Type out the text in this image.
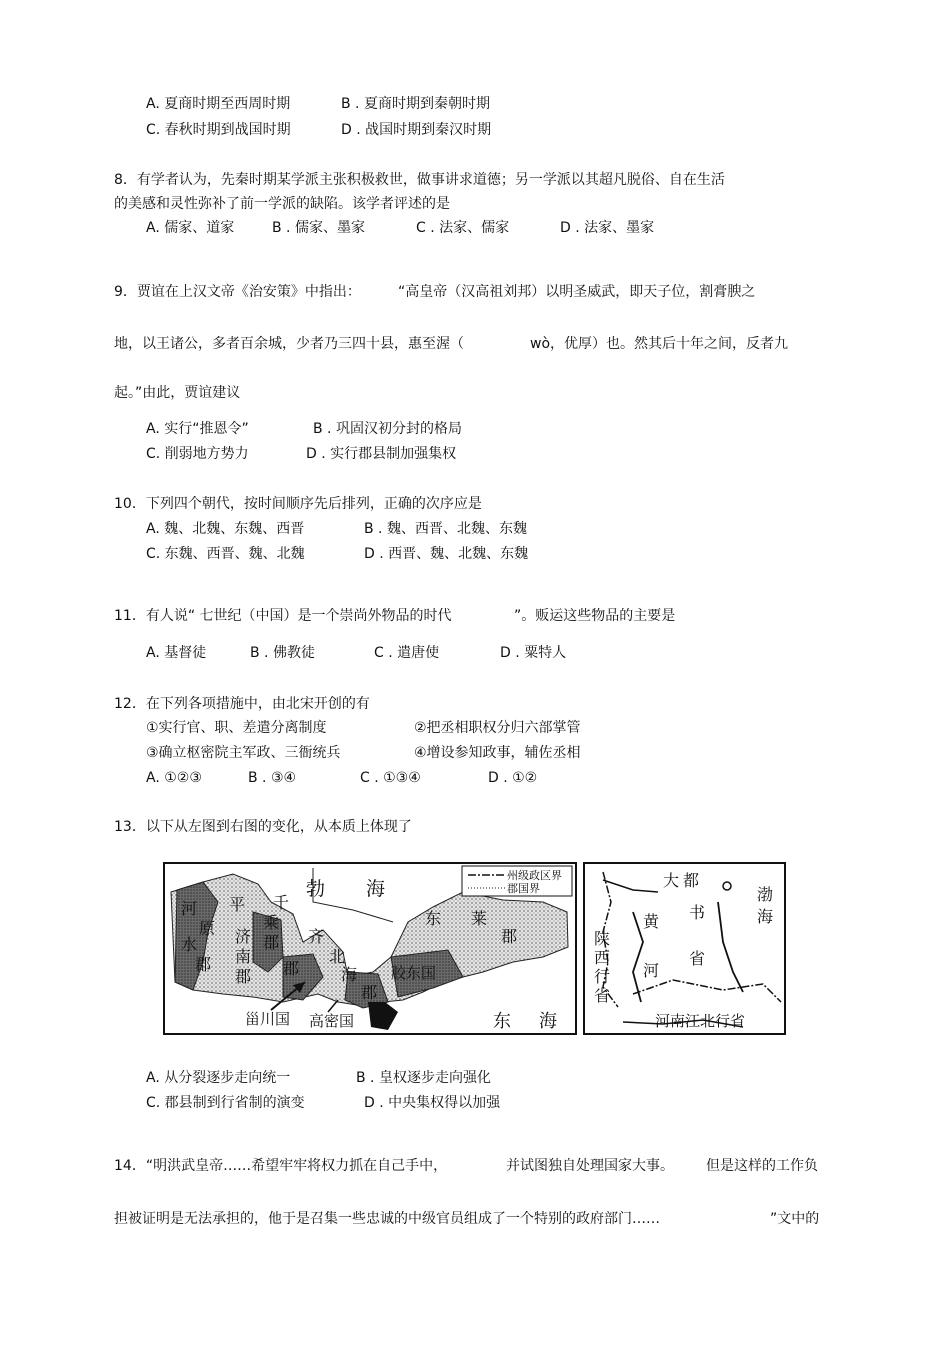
A. 夏商时期至西周时期	B . 夏商时期到秦朝时期
C. 春秋时期到战国时期	D . 战国时期到秦汉时期
8．有学者认为，先秦时期某学派主张积极救世，做事讲求道德；另一学派以其超凡脱俗、自在生活
的美感和灵性弥补了前一学派的缺陷。该学者评述的是
A. 儒家、道家	B . 儒家、墨家	C . 法家、儒家	D . 法家、墨家
9．贾谊在上汉文帝《治安策》中指出：	“高皇帝（汉高祖刘邦）以明圣威武，即天子位，割膏腴之
地，以王诸公，多者百余城，少者乃三四十县，惠至渥（	wò，优厚）也。然其后十年之间，反者九
起。”由此，贾谊建议
A. 实行“推恩令”	B . 巩固汉初分封的格局
C. 削弱地方势力	D . 实行郡县制加强集权
10．下列四个朝代，按时间顺序先后排列，正确的次序应是
A. 魏、北魏、东魏、西晋	B . 魏、西晋、北魏、东魏
C. 东魏、西晋、魏、北魏	D . 西晋、魏、北魏、东魏
11．有人说“ 七世纪（中国）是一个崇尚外物品的时代	”。贩运这些物品的主要是
A. 基督徒	B . 佛教徒	C . 遣唐使	D . 粟特人
12．在下列各项措施中，由北宋开创的有
①实行官、职、差遣分离制度	②把丞相职权分归六部掌管
③确立枢密院主军政、三衙统兵	④增设参知政事，辅佐丞相
A. ①②③	B . ③④	C . ①③④	D . ①②
13．以下从左图到右图的变化，从本质上体现了
州级政区界
郡国界
勃 海
东 海
河
原
平
水
郡
济
南
郡
千
乘
郡 齐
郡
北
海
郡
东 莱
郡
胶东国
甾川国 高密国
大 都
书
省
黄
河
渤
海
陕
西
行
省
河南江北行省
A. 从分裂逐步走向统一	B . 皇权逐步走向强化
C. 郡县制到行省制的演变	D . 中央集权得以加强
14．“明洪武皇帝……希望牢牢将权力抓在自己手中，	并试图独自处理国家大事。 但是这样的工作负
担被证明是无法承担的，他于是召集一些忠诚的中级官员组成了一个特别的政府部门……	”文中的
